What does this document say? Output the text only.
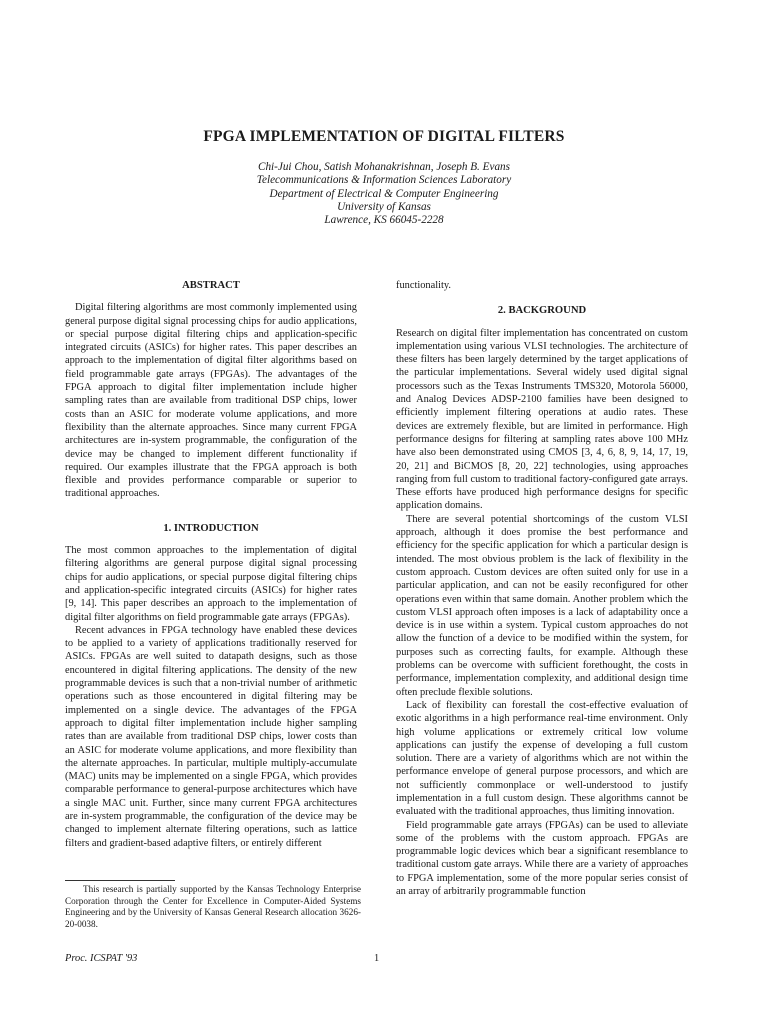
FPGA IMPLEMENTATION OF DIGITAL FILTERS
Chi-Jui Chou, Satish Mohanakrishnan, Joseph B. Evans
Telecommunications & Information Sciences Laboratory
Department of Electrical & Computer Engineering
University of Kansas
Lawrence, KS 66045-2228
ABSTRACT

Digital filtering algorithms are most commonly implemented using general purpose digital signal processing chips for audio applications, or special purpose digital filtering chips and application-specific integrated circuits (ASICs) for higher rates. This paper describes an approach to the implementation of digital filter algorithms based on field programmable gate arrays (FPGAs). The advantages of the FPGA approach to digital filter implementation include higher sampling rates than are available from traditional DSP chips, lower costs than an ASIC for moderate volume applications, and more flexibility than the alternate approaches. Since many current FPGA architectures are in-system programmable, the configuration of the device may be changed to implement different functionality if required. Our examples illustrate that the FPGA approach is both flexible and provides performance comparable or superior to traditional approaches.

1. INTRODUCTION

The most common approaches to the implementation of digital filtering algorithms are general purpose digital signal processing chips for audio applications, or special purpose digital filtering chips and application-specific integrated circuits (ASICs) for higher rates [9, 14]. This paper describes an approach to the implementation of digital filter algorithms on field programmable gate arrays (FPGAs).

Recent advances in FPGA technology have enabled these devices to be applied to a variety of applications traditionally reserved for ASICs. FPGAs are well suited to datapath designs, such as those encountered in digital filtering applications. The density of the new programmable devices is such that a non-trivial number of arithmetic operations such as those encountered in digital filtering may be implemented on a single device. The advantages of the FPGA approach to digital filter implementation include higher sampling rates than are available from traditional DSP chips, lower costs than an ASIC for moderate volume applications, and more flexibility than the alternate approaches. In particular, multiple multiply-accumulate (MAC) units may be implemented on a single FPGA, which provides comparable performance to general-purpose architectures which have a single MAC unit. Further, since many current FPGA architectures are in-system programmable, the configuration of the device may be changed to implement alternate filtering operations, such as lattice filters and gradient-based adaptive filters, or entirely different

functionality.

2. BACKGROUND

Research on digital filter implementation has concentrated on custom implementation using various VLSI technologies. The architecture of these filters has been largely determined by the target applications of the particular implementations. Several widely used digital signal processors such as the Texas Instruments TMS320, Motorola 56000, and Analog Devices ADSP-2100 families have been designed to efficiently implement filtering operations at audio rates. These devices are extremely flexible, but are limited in performance. High performance designs for filtering at sampling rates above 100 MHz have also been demonstrated using CMOS [3, 4, 6, 8, 9, 14, 17, 19, 20, 21] and BiCMOS [8, 20, 22] technologies, using approaches ranging from full custom to traditional factory-configured gate arrays. These efforts have produced high performance designs for specific application domains.

There are several potential shortcomings of the custom VLSI approach, although it does promise the best performance and efficiency for the specific application for which a particular design is intended. The most obvious problem is the lack of flexibility in the custom approach. Custom devices are often suited only for use in a particular application, and can not be easily reconfigured for other operations even within that same domain. Another problem which the custom VLSI approach often imposes is a lack of adaptability once a device is in use within a system. Typical custom approaches do not allow the function of a device to be modified within the system, for purposes such as correcting faults, for example. Although these problems can be overcome with sufficient forethought, the costs in performance, implementation complexity, and additional design time often preclude flexible solutions.

Lack of flexibility can forestall the cost-effective evaluation of exotic algorithms in a high performance real-time environment. Only high volume applications or extremely critical low volume applications can justify the expense of developing a full custom solution. There are a variety of algorithms which are not within the performance envelope of general purpose processors, and which are not sufficiently commonplace or well-understood to justify implementation in a full custom design. These algorithms cannot be evaluated with the traditional approaches, thus limiting innovation.

Field programmable gate arrays (FPGAs) can be used to alleviate some of the problems with the custom approach. FPGAs are programmable logic devices which bear a significant resemblance to traditional custom gate arrays. While there are a variety of approaches to FPGA implementation, some of the more popular series consist of an array of arbitrarily programmable function

This research is partially supported by the Kansas Technology Enterprise Corporation through the Center for Excellence in Computer-Aided Systems Engineering and by the University of Kansas General Research allocation 3626-20-0038.

Proc. ICSPAT '93	1
